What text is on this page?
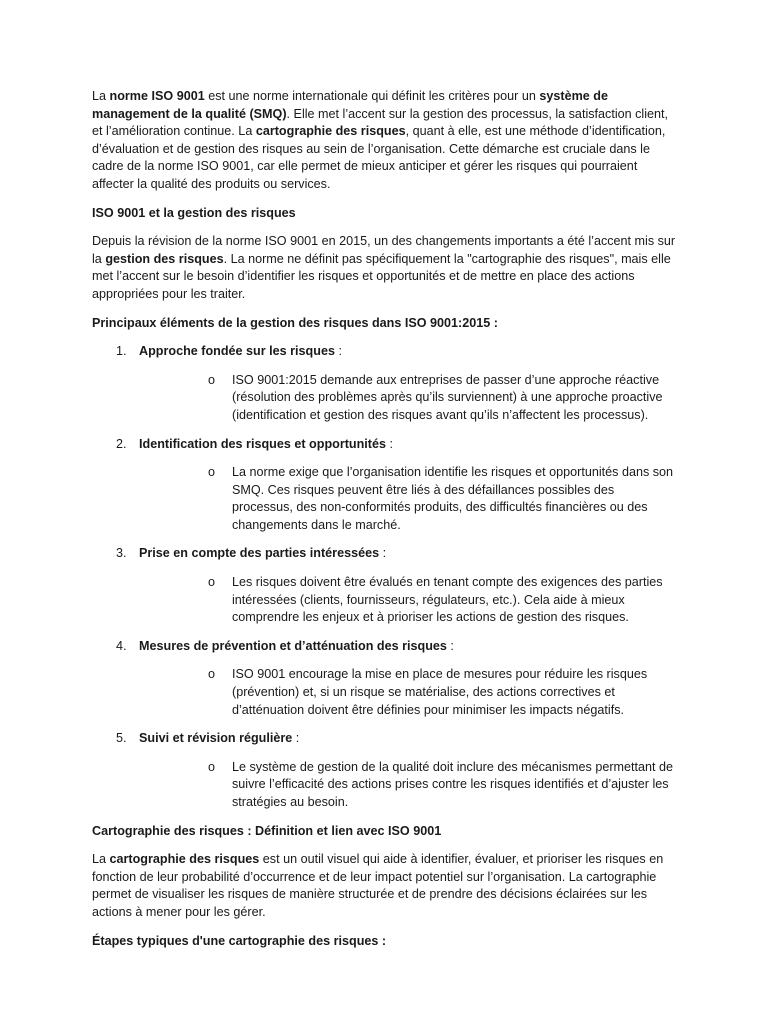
La norme ISO 9001 est une norme internationale qui définit les critères pour un système de management de la qualité (SMQ). Elle met l’accent sur la gestion des processus, la satisfaction client, et l’amélioration continue. La cartographie des risques, quant à elle, est une méthode d’identification, d’évaluation et de gestion des risques au sein de l’organisation. Cette démarche est cruciale dans le cadre de la norme ISO 9001, car elle permet de mieux anticiper et gérer les risques qui pourraient affecter la qualité des produits ou services.

ISO 9001 et la gestion des risques

Depuis la révision de la norme ISO 9001 en 2015, un des changements importants a été l’accent mis sur la gestion des risques. La norme ne définit pas spécifiquement la "cartographie des risques", mais elle met l’accent sur le besoin d’identifier les risques et opportunités et de mettre en place des actions appropriées pour les traiter.

Principaux éléments de la gestion des risques dans ISO 9001:2015 :

1. Approche fondée sur les risques :

o ISO 9001:2015 demande aux entreprises de passer d’une approche réactive (résolution des problèmes après qu’ils surviennent) à une approche proactive (identification et gestion des risques avant qu’ils n’affectent les processus).

2. Identification des risques et opportunités :

o La norme exige que l’organisation identifie les risques et opportunités dans son SMQ. Ces risques peuvent être liés à des défaillances possibles des processus, des non-conformités produits, des difficultés financières ou des changements dans le marché.

3. Prise en compte des parties intéressées :

o Les risques doivent être évalués en tenant compte des exigences des parties intéressées (clients, fournisseurs, régulateurs, etc.). Cela aide à mieux comprendre les enjeux et à prioriser les actions de gestion des risques.

4. Mesures de prévention et d’atténuation des risques :

o ISO 9001 encourage la mise en place de mesures pour réduire les risques (prévention) et, si un risque se matérialise, des actions correctives et d’atténuation doivent être définies pour minimiser les impacts négatifs.

5. Suivi et révision régulière :

o Le système de gestion de la qualité doit inclure des mécanismes permettant de suivre l’efficacité des actions prises contre les risques identifiés et d’ajuster les stratégies au besoin.

Cartographie des risques : Définition et lien avec ISO 9001

La cartographie des risques est un outil visuel qui aide à identifier, évaluer, et prioriser les risques en fonction de leur probabilité d’occurrence et de leur impact potentiel sur l’organisation. La cartographie permet de visualiser les risques de manière structurée et de prendre des décisions éclairées sur les actions à mener pour les gérer.

Étapes typiques d'une cartographie des risques :
